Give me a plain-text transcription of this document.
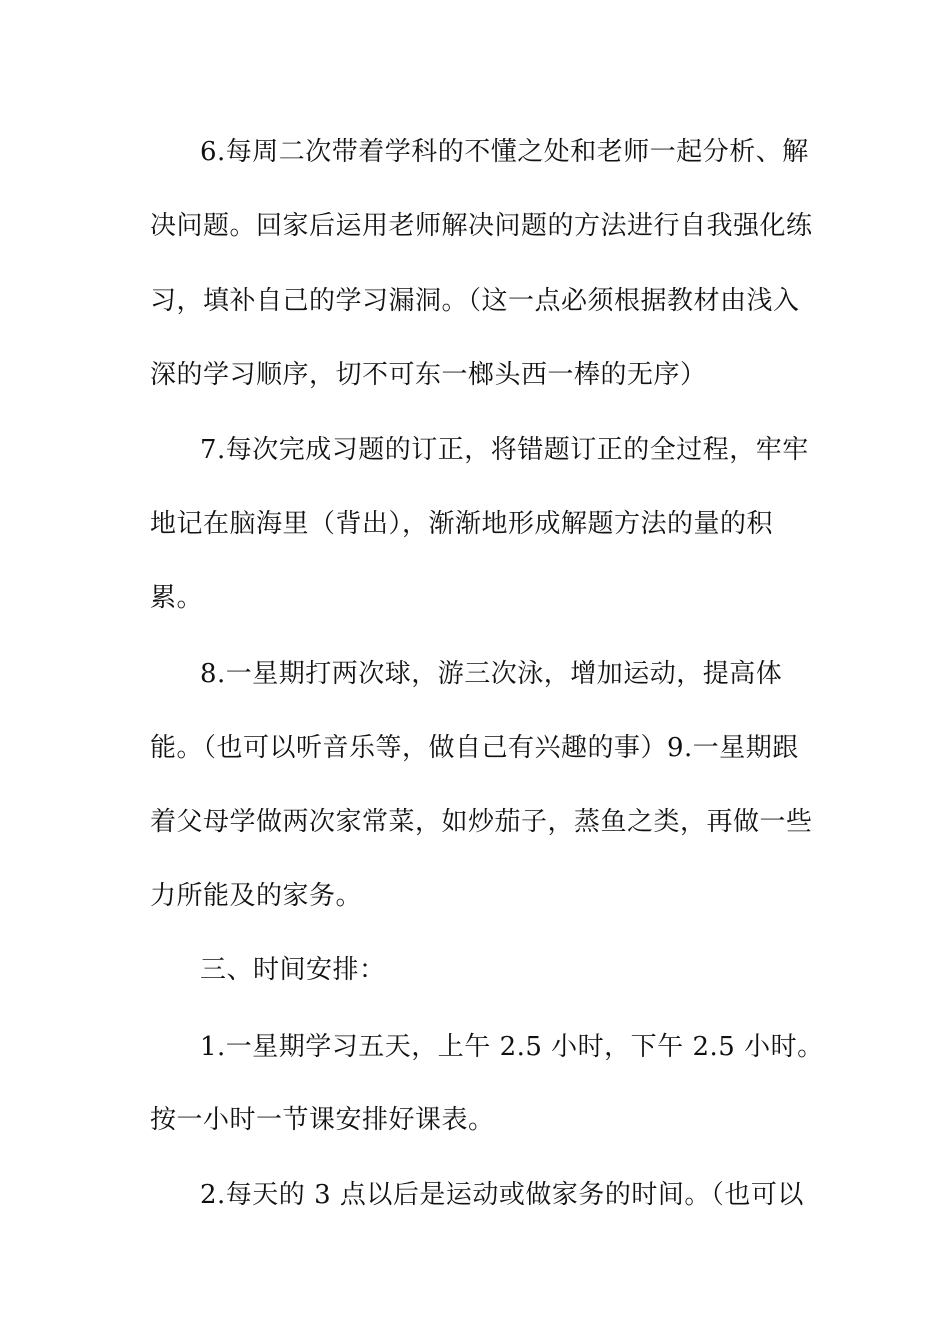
6.每周二次带着学科的不懂之处和老师一起分析、解
决问题。回家后运用老师解决问题的方法进行自我强化练
习，填补自己的学习漏洞。（这一点必须根据教材由浅入
深的学习顺序，切不可东一榔头西一棒的无序）
7.每次完成习题的订正，将错题订正的全过程，牢牢
地记在脑海里（背出），渐渐地形成解题方法的量的积
累。
8.一星期打两次球，游三次泳，增加运动，提高体
能。（也可以听音乐等，做自己有兴趣的事）9.一星期跟
着父母学做两次家常菜，如炒茄子，蒸鱼之类，再做一些
力所能及的家务。
三、时间安排：
1.一星期学习五天，上午 2.5 小时，下午 2.5 小时。
按一小时一节课安排好课表。
2.每天的 3 点以后是运动或做家务的时间。（也可以
